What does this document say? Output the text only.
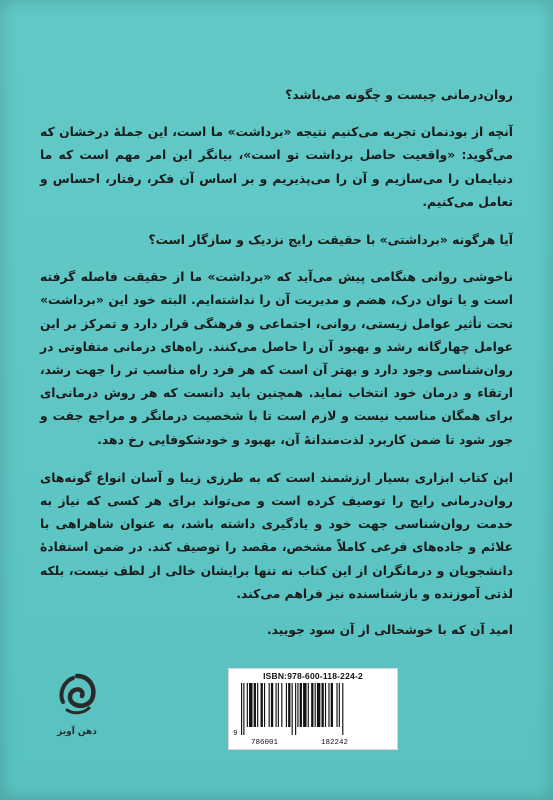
روان‌درمانی چیست و چگونه می‌باشد؟

آنچه از بودنمان تجربه می‌کنیم نتیجه «برداشت» ما است، این جملهٔ درخشان که می‌گوید: «واقعیت حاصل برداشت تو است»، بیانگر این امر مهم است که ما دنیایمان را می‌سازیم و آن را می‌پذیریم و بر اساس آن فکر، رفتار، احساس و تعامل می‌کنیم.

آیا هرگونه «برداشتی» با حقیقت رایج نزدیک و سازگار است؟

ناخوشی روانی هنگامی پیش می‌آید که «برداشت» ما از حقیقت فاصله گرفته است و یا توان درک، هضم و مدیریت آن را نداشته‌ایم. البته خود این «برداشت» تحت تأثیر عوامل زیستی، روانی، اجتماعی و فرهنگی قرار دارد و تمرکز بر این عوامل چهارگانه رشد و بهبود آن را حاصل می‌کنند. راه‌های درمانی متفاوتی در روان‌شناسی وجود دارد و بهتر آن است که هر فرد راه مناسب تر را جهت رشد، ارتقاء و درمان خود انتخاب نماید. همچنین باید دانست که هر روش درمانی‌ای برای همگان مناسب نیست و لازم است تا با شخصیت درمانگر و مراجع جفت و جور شود تا ضمن کاربرد لذت‌مندانهٔ آن، بهبود و خودشکوفایی رخ دهد.

این کتاب ابزاری بسیار ارزشمند است که به طرزی زیبا و آسان انواع گونه‌های روان‌درمانی رایج را توصیف کرده است و می‌تواند برای هر کسی که نیاز به خدمت روان‌شناسی جهت خود و یادگیری داشته باشد، به عنوان شاهراهی با علائم و جاده‌های فرعی کاملاً مشخص، مقصد را توصیف کند. در ضمن استفادهٔ دانشجویان و درمانگران از این کتاب نه تنها برایشان خالی از لطف نیست، بلکه لذتی آموزنده و بازشناسنده نیز فراهم می‌کند.

امید آن که با خوشحالی از آن سود جویید.

ذهن آویز
ISBN:978-600-118-224-2
9
786001	182242
